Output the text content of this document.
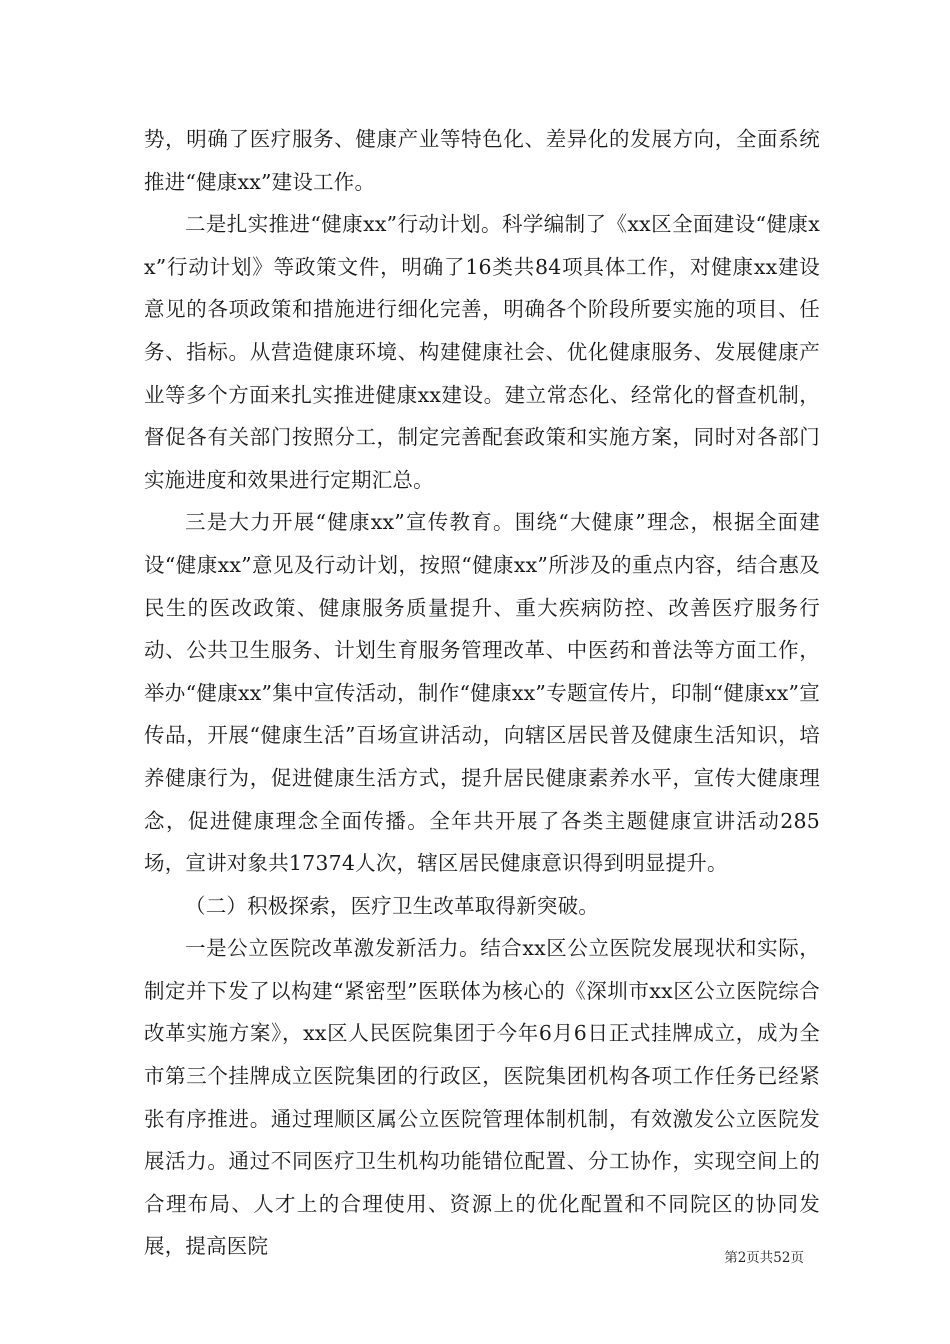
势，明确了医疗服务、健康产业等特色化、差异化的发展方向，全面系统推进“健康xx”建设工作。

二是扎实推进“健康xx”行动计划。科学编制了《xx区全面建设“健康xx”行动计划》等政策文件，明确了16类共84项具体工作，对健康xx建设意见的各项政策和措施进行细化完善，明确各个阶段所要实施的项目、任务、指标。从营造健康环境、构建健康社会、优化健康服务、发展健康产业等多个方面来扎实推进健康xx建设。建立常态化、经常化的督查机制，督促各有关部门按照分工，制定完善配套政策和实施方案，同时对各部门实施进度和效果进行定期汇总。

三是大力开展“健康xx”宣传教育。围绕“大健康”理念，根据全面建设“健康xx”意见及行动计划，按照“健康xx”所涉及的重点内容，结合惠及民生的医改政策、健康服务质量提升、重大疾病防控、改善医疗服务行动、公共卫生服务、计划生育服务管理改革、中医药和普法等方面工作，举办“健康xx”集中宣传活动，制作“健康xx”专题宣传片，印制“健康xx”宣传品，开展“健康生活”百场宣讲活动，向辖区居民普及健康生活知识，培养健康行为，促进健康生活方式，提升居民健康素养水平，宣传大健康理念，促进健康理念全面传播。全年共开展了各类主题健康宣讲活动285场，宣讲对象共17374人次，辖区居民健康意识得到明显提升。

（二）积极探索，医疗卫生改革取得新突破。

一是公立医院改革激发新活力。结合xx区公立医院发展现状和实际，制定并下发了以构建“紧密型”医联体为核心的《深圳市xx区公立医院综合改革实施方案》，xx区人民医院集团于今年6月6日正式挂牌成立，成为全市第三个挂牌成立医院集团的行政区，医院集团机构各项工作任务已经紧张有序推进。通过理顺区属公立医院管理体制机制，有效激发公立医院发展活力。通过不同医疗卫生机构功能错位配置、分工协作，实现空间上的合理布局、人才上的合理使用、资源上的优化配置和不同院区的协同发展，提高医院	第2页共52页
